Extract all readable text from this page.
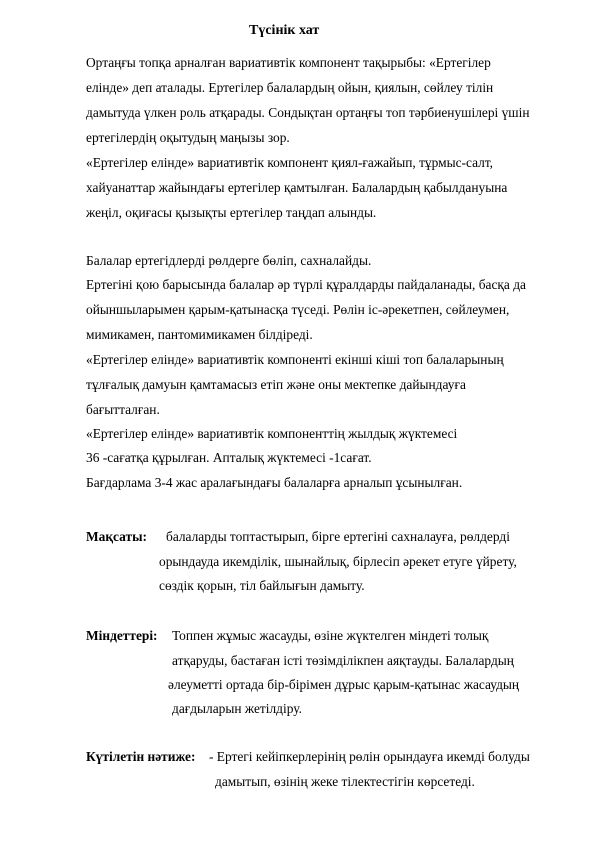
Түсінік хат
Ортаңғы топқа арналған вариативтік компонент тақырыбы: «Ертегілер
елінде» деп аталады. Ертегілер балалардың ойын, қиялын, сөйлеу тілін
дамытуда үлкен роль атқарады. Сондықтан ортаңғы топ тәрбиенушілері үшін
ертегілердің оқытудың маңызы зор.
«Ертегілер елінде» вариативтік компонент қиял-ғажайып, тұрмыс-салт,
хайуанаттар жайындағы ертегілер қамтылған. Балалардың қабылдануына
жеңіл, оқиғасы қызықты ертегілер таңдап алынды.
Балалар ертегідлерді рөлдерге бөліп, сахналайды.
Ертегіні қою барысында балалар әр түрлі құралдарды пайдаланады, басқа да
ойыншыларымен қарым-қатынасқа түседі. Рөлін іс-әрекетпен, сөйлеумен,
мимикамен, пантомимикамен білдіреді.
«Ертегілер елінде» вариативтік компоненті екінші кіші топ балаларының
тұлғалық дамуын қамтамасыз етіп және оны мектепке дайындауға
бағытталған.
«Ертегілер елінде» вариативтік компоненттің жылдық жүктемесі
36 -сағатқа құрылған. Апталық жүктемесі -1сағат.
Бағдарлама 3-4 жас аралағындағы балаларға арналып ұсынылған.
Мақсаты: балаларды топтастырып, бірге ертегіні сахналауға, рөлдерді
орындауда икемділік, шынайлық, бірлесіп әрекет етуге үйрету,
сөздік қорын, тіл байлығын дамыту.
Міндеттері: Топпен жұмыс жасауды, өзіне жүктелген міндеті толық
атқаруды, бастаған істі төзімділікпен аяқтауды. Балалардың
әлеуметті ортада бір-бірімен дұрыс қарым-қатынас жасаудың
дағдыларын жетілдіру.
Күтілетін нәтиже: - Ертегі кейіпкерлерінің рөлін орындауға икемді болуды
дамытып, өзінің жеке тілектестігін көрсетеді.
